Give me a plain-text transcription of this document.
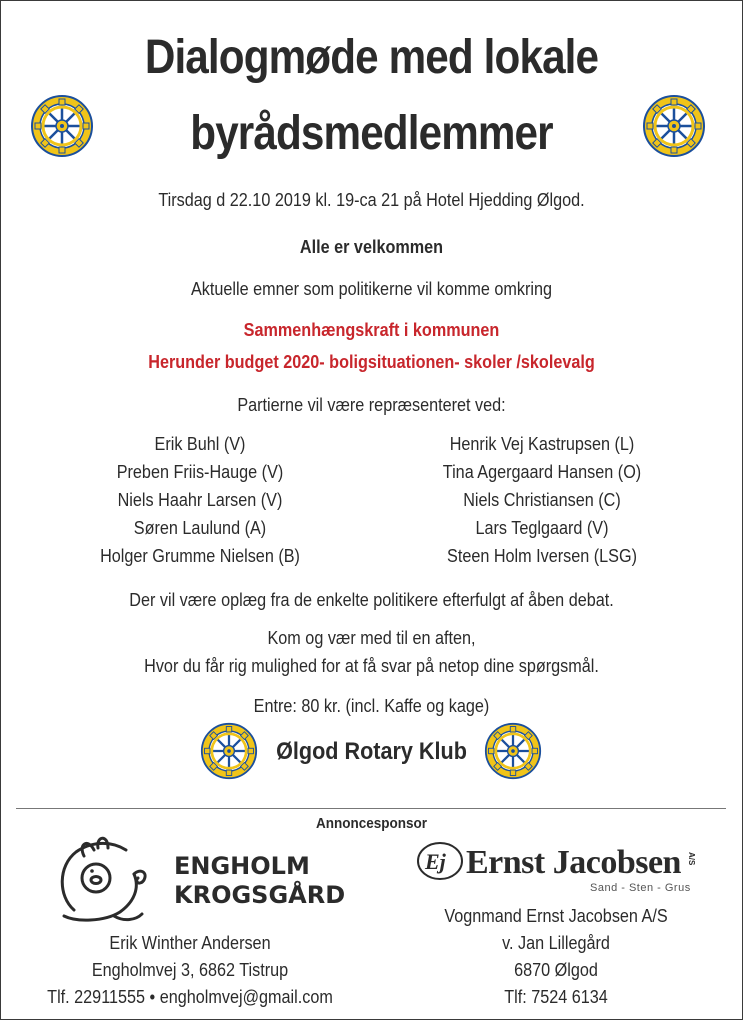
Dialogmøde med lokale
byrådsmedlemmer
Tirsdag d 22.10 2019 kl. 19-ca 21 på Hotel Hjedding Ølgod.
Alle er velkommen
Aktuelle emner som politikerne vil komme omkring
Sammenhængskraft i kommunen
Herunder budget 2020- boligsituationen- skoler /skolevalg
Partierne vil være repræsenteret ved:
Erik Buhl (V)
Preben Friis-Hauge (V)
Niels Haahr Larsen (V)
Søren Laulund (A)
Holger Grumme Nielsen (B)
Henrik Vej Kastrupsen (L)
Tina Agergaard Hansen (O)
Niels Christiansen (C)
Lars Teglgaard (V)
Steen Holm Iversen (LSG)
Der vil være oplæg fra de enkelte politikere efterfulgt af åben debat.
Kom og vær med til en aften,
Hvor du får rig mulighed for at få svar på netop dine spørgsmål.
Entre: 80 kr. (incl. Kaffe og kage)
Ølgod Rotary Klub
Annoncesponsor
ENGHOLM
KROGSGÅRD
Ej Ernst Jacobsen A/S
Sand - Sten - Grus
Erik Winther Andersen
Engholmvej 3, 6862 Tistrup
Tlf. 22911555 • engholmvej@gmail.com
Vognmand Ernst Jacobsen A/S
v. Jan Lillegård
6870 Ølgod
Tlf: 7524 6134
